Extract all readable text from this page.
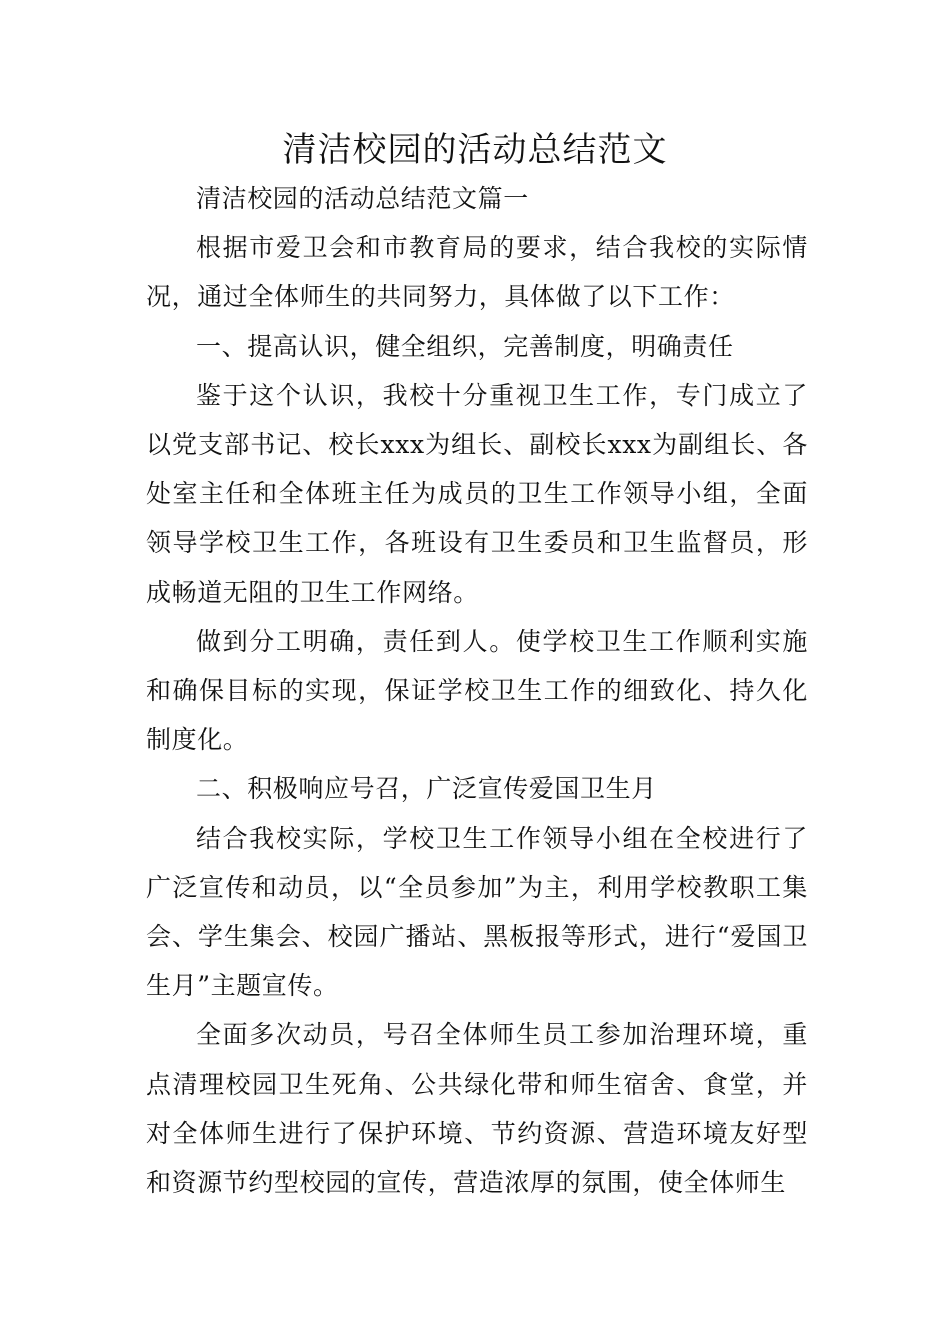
清洁校园的活动总结范文

清洁校园的活动总结范文篇一

根据市爱卫会和市教育局的要求，结合我校的实际情况，通过全体师生的共同努力，具体做了以下工作：

一、提高认识，健全组织，完善制度，明确责任

鉴于这个认识，我校十分重视卫生工作，专门成立了以党支部书记、校长xxx为组长、副校长xxx为副组长、各处室主任和全体班主任为成员的卫生工作领导小组，全面领导学校卫生工作，各班设有卫生委员和卫生监督员，形成畅道无阻的卫生工作网络。

做到分工明确，责任到人。使学校卫生工作顺利实施和确保目标的实现，保证学校卫生工作的细致化、持久化制度化。

二、积极响应号召，广泛宣传爱国卫生月

结合我校实际，学校卫生工作领导小组在全校进行了广泛宣传和动员，以“全员参加”为主，利用学校教职工集会、学生集会、校园广播站、黑板报等形式，进行“爱国卫生月”主题宣传。

全面多次动员，号召全体师生员工参加治理环境，重点清理校园卫生死角、公共绿化带和师生宿舍、食堂，并对全体师生进行了保护环境、节约资源、营造环境友好型和资源节约型校园的宣传，营造浓厚的氛围，使全体师生
